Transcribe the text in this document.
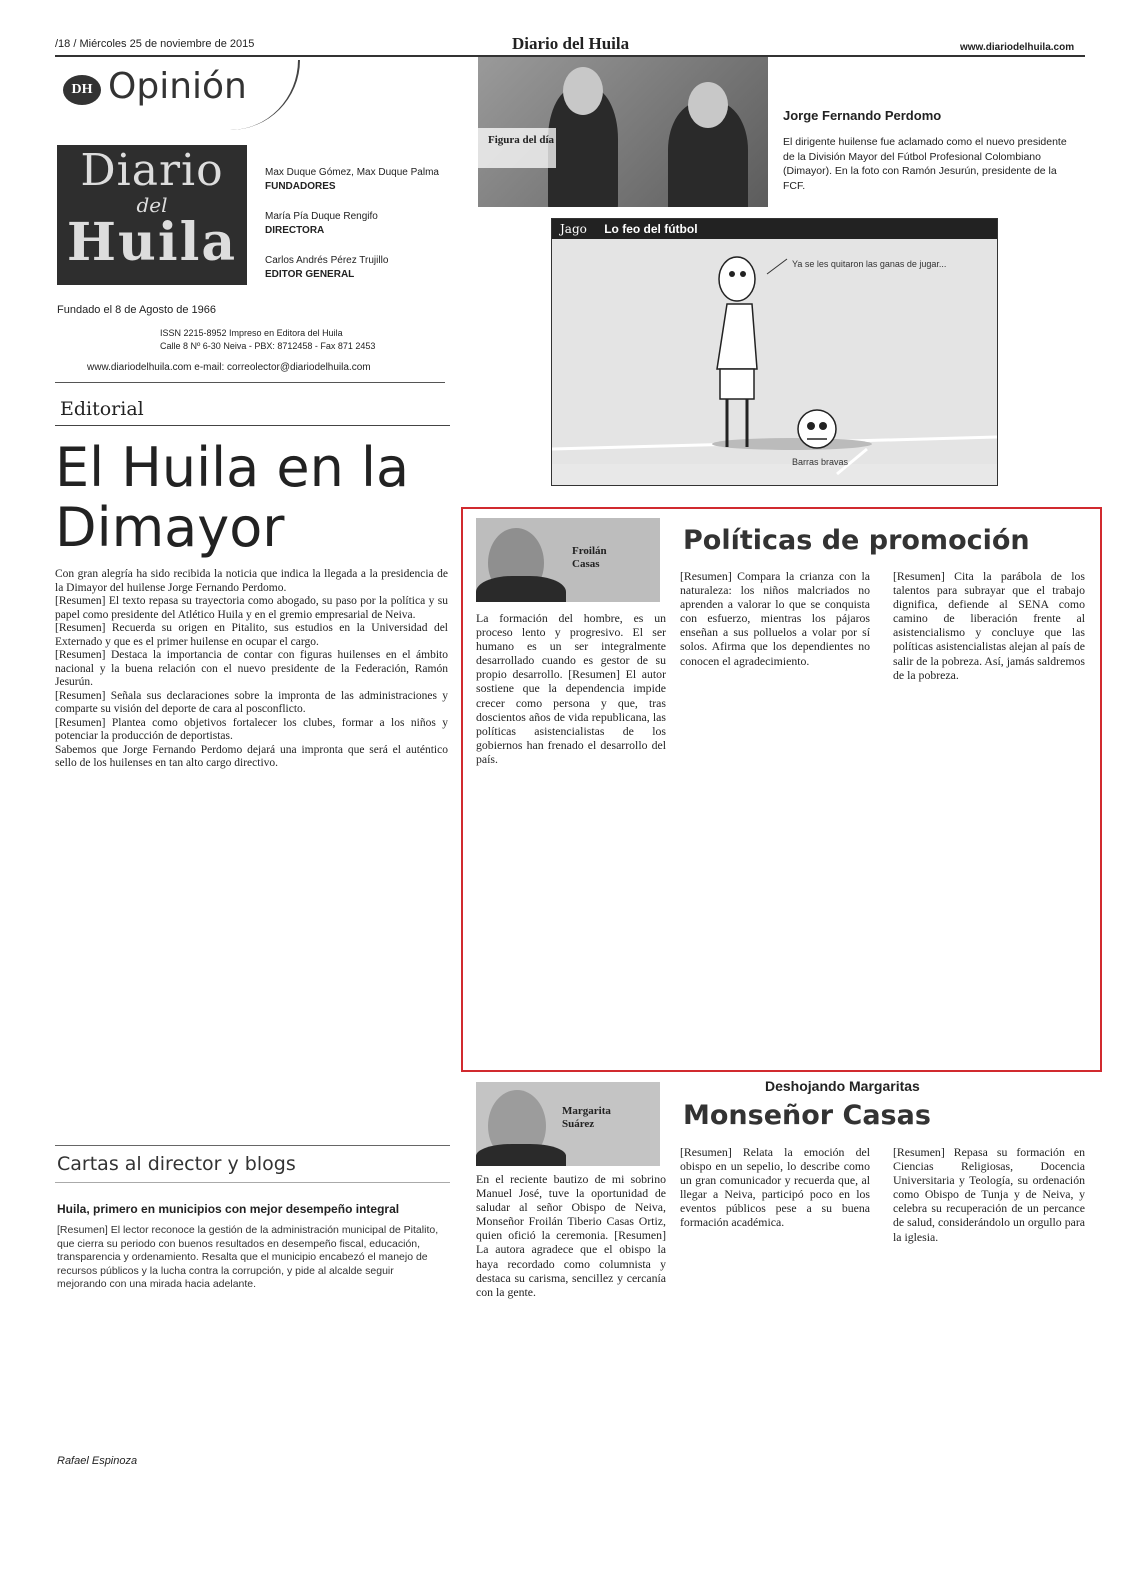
/18 / Miércoles 25 de noviembre de 2015	Diario del Huila	www.diariodelhuila.com
DH Opinión
Diario
del
Huila
Max Duque Gómez, Max Duque Palma
FUNDADORES
María Pía Duque Rengifo
DIRECTORA
Carlos Andrés Pérez Trujillo
EDITOR GENERAL
Fundado el 8 de Agosto de 1966
ISSN 2215-8952 Impreso en Editora del Huila
Calle 8 Nº 6-30 Neiva - PBX: 8712458 - Fax 871 2453
www.diariodelhuila.com e-mail: correolector@diariodelhuila.com
Editorial
El Huila en la Dimayor

Con gran alegría ha sido recibida la noticia que indica la llegada a la presidencia de la Dimayor del huilense Jorge Fernando Perdomo.

[Resumen] El texto repasa su trayectoria como abogado, su paso por la política y su papel como presidente del Atlético Huila y en el gremio empresarial de Neiva.

[Resumen] Recuerda su origen en Pitalito, sus estudios en la Universidad del Externado y que es el primer huilense en ocupar el cargo.

[Resumen] Destaca la importancia de contar con figuras huilenses en el ámbito nacional y la buena relación con el nuevo presidente de la Federación, Ramón Jesurún.

[Resumen] Señala sus declaraciones sobre la impronta de las administraciones y comparte su visión del deporte de cara al posconflicto.

[Resumen] Plantea como objetivos fortalecer los clubes, formar a los niños y potenciar la producción de deportistas.

Sabemos que Jorge Fernando Perdomo dejará una impronta que será el auténtico sello de los huilenses en tan alto cargo directivo.

Cartas al director y blogs
Huila, primero en municipios con mejor desempeño integral
[Resumen] El lector reconoce la gestión de la administración municipal de Pitalito, que cierra su periodo con buenos resultados en desempeño fiscal, educación, transparencia y ordenamiento. Resalta que el municipio encabezó el manejo de recursos públicos y la lucha contra la corrupción, y pide al alcalde seguir mejorando con una mirada hacia adelante.
Rafael Espinoza
Figura del día
Jorge Fernando Perdomo
El dirigente huilense fue aclamado como el nuevo presidente de la División Mayor del Fútbol Profesional Colombiano (Dimayor). En la foto con Ramón Jesurún, presidente de la FCF.
Jago Lo feo del fútbol
Ya se les quitaron las ganas de jugar...
Barras bravas
Froilán
Casas
Políticas de promoción
La formación del hombre, es un proceso lento y progresivo. El ser humano es un ser integralmente desarrollado cuando es gestor de su propio desarrollo. [Resumen] El autor sostiene que la dependencia impide crecer como persona y que, tras doscientos años de vida republicana, las políticas asistencialistas de los gobiernos han frenado el desarrollo del país.
[Resumen] Compara la crianza con la naturaleza: los niños malcriados no aprenden a valorar lo que se conquista con esfuerzo, mientras los pájaros enseñan a sus polluelos a volar por sí solos. Afirma que los dependientes no conocen el agradecimiento.
[Resumen] Cita la parábola de los talentos para subrayar que el trabajo dignifica, defiende al SENA como camino de liberación frente al asistencialismo y concluye que las políticas asistencialistas alejan al país de salir de la pobreza. Así, jamás saldremos de la pobreza.
Deshojando Margaritas
Margarita
Suárez	Monseñor Casas
En el reciente bautizo de mi sobrino Manuel José, tuve la oportunidad de saludar al señor Obispo de Neiva, Monseñor Froilán Tiberio Casas Ortiz, quien ofició la ceremonia. [Resumen] La autora agradece que el obispo la haya recordado como columnista y destaca su carisma, sencillez y cercanía con la gente.
[Resumen] Relata la emoción del obispo en un sepelio, lo describe como un gran comunicador y recuerda que, al llegar a Neiva, participó poco en los eventos públicos pese a su buena formación académica.
[Resumen] Repasa su formación en Ciencias Religiosas, Docencia Universitaria y Teología, su ordenación como Obispo de Tunja y de Neiva, y celebra su recuperación de un percance de salud, considerándolo un orgullo para la iglesia.
